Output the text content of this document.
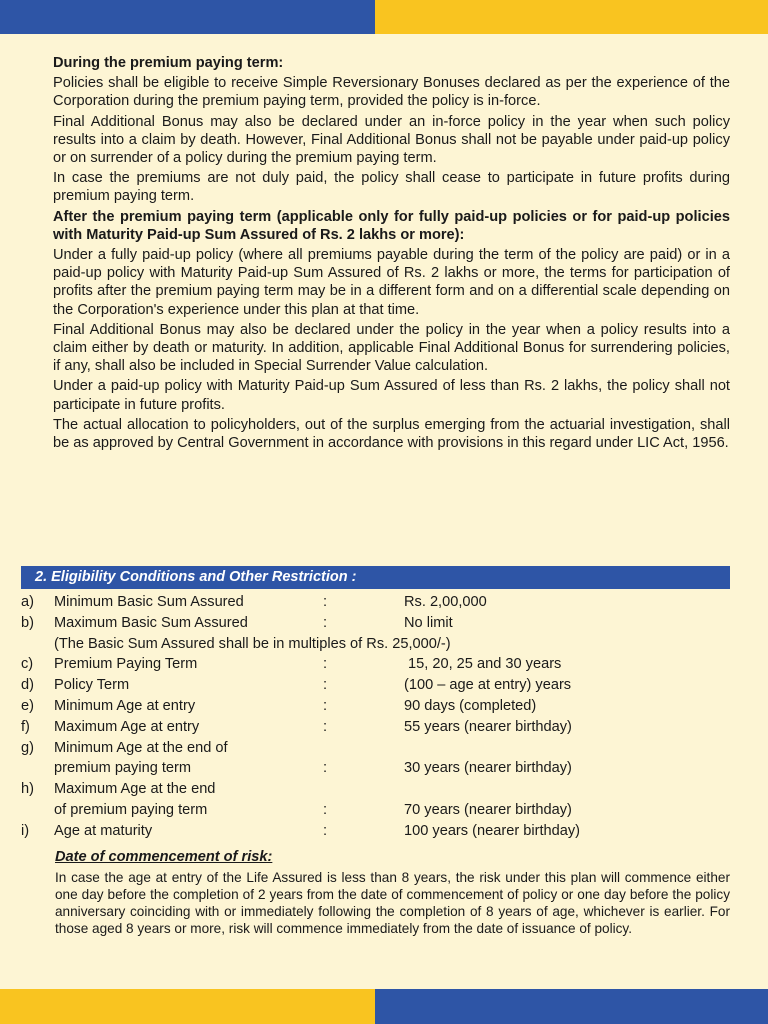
During the premium paying term:

Policies shall be eligible to receive Simple Reversionary Bonuses declared as per the experience of the Corporation during the premium paying term, provided the policy is in-force.

Final Additional Bonus may also be declared under an in-force policy in the year when such policy results into a claim by death. However, Final Additional Bonus shall not be payable under paid-up policy or on surrender of a policy during the premium paying term.

In case the premiums are not duly paid, the policy shall cease to participate in future profits during premium paying term.

After the premium paying term (applicable only for fully paid-up policies or for paid-up policies with Maturity Paid-up Sum Assured of Rs. 2 lakhs or more):

Under a fully paid-up policy (where all premiums payable during the term of the policy are paid) or in a paid-up policy with Maturity Paid-up Sum Assured of Rs. 2 lakhs or more, the terms for participation of profits after the premium paying term may be in a different form and on a differential scale depending on the Corporation's experience under this plan at that time.

Final Additional Bonus may also be declared under the policy in the year when a policy results into a claim either by death or maturity. In addition, applicable Final Additional Bonus for surrendering policies, if any, shall also be included in Special Surrender Value calculation.

Under a paid-up policy with Maturity Paid-up Sum Assured of less than Rs. 2 lakhs, the policy shall not participate in future profits.

The actual allocation to policyholders, out of the surplus emerging from the actuarial investigation, shall be as approved by Central Government in accordance with provisions in this regard under LIC Act, 1956.

2. Eligibility Conditions and Other Restriction :
a) Minimum Basic Sum Assured	:	Rs. 2,00,000
b) Maximum Basic Sum Assured	:	No limit
(The Basic Sum Assured shall be in multiples of Rs. 25,000/-)
c) Premium Paying Term	:	15, 20, 25 and 30 years
d) Policy Term	:	(100 – age at entry) years
e) Minimum Age at entry	:	90 days (completed)
f) Maximum Age at entry	:	55 years (nearer birthday)
g) Minimum Age at the end of
premium paying term	:	30 years (nearer birthday)
h) Maximum Age at the end
of premium paying term	:	70 years (nearer birthday)
i) Age at maturity	:	100 years (nearer birthday)

Date of commencement of risk:

In case the age at entry of the Life Assured is less than 8 years, the risk under this plan will commence either one day before the completion of 2 years from the date of commencement of policy or one day before the policy anniversary coinciding with or immediately following the completion of 8 years of age, whichever is earlier. For those aged 8 years or more, risk will commence immediately from the date of issuance of policy.
